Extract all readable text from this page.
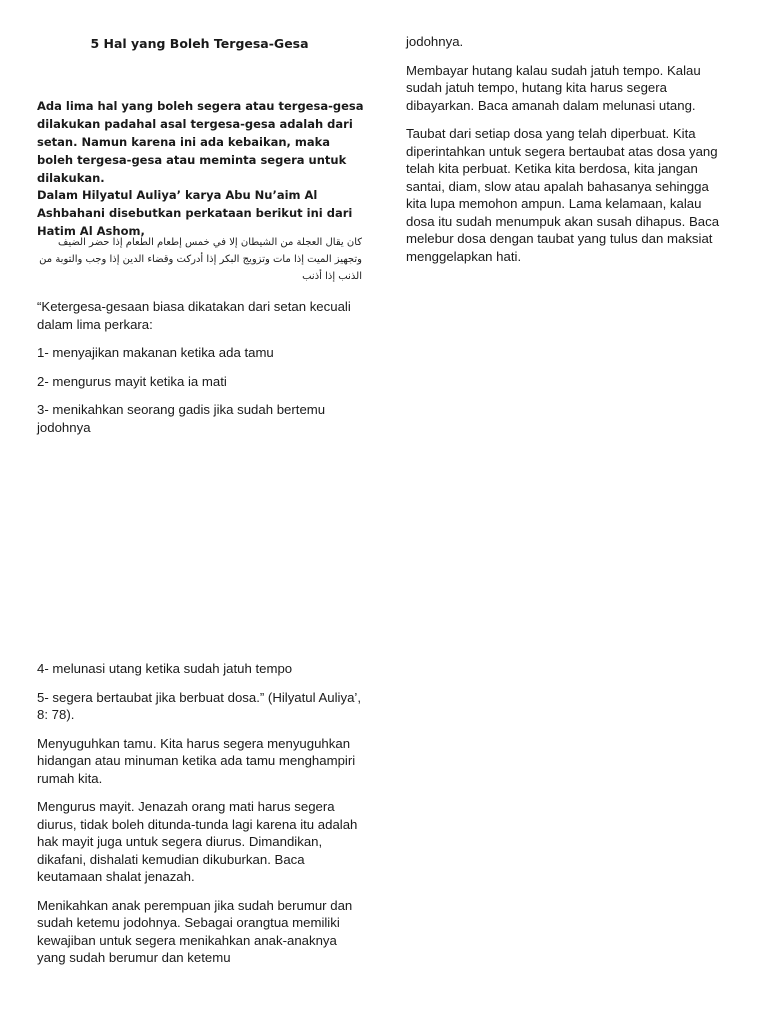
5 Hal yang Boleh Tergesa-Gesa

Ada lima hal yang boleh segera atau tergesa-gesa dilakukan padahal asal tergesa-gesa adalah dari setan. Namun karena ini ada kebaikan, maka boleh tergesa-gesa atau meminta segera untuk dilakukan.

Dalam Hilyatul Auliya’ karya Abu Nu’aim Al Ashbahani disebutkan perkataan berikut ini dari Hatim Al Ashom,

كان يقال العجلة من الشيطان إلا في خمس إطعام الطعام إذا حضر الضيف وتجهيز الميت إذا مات وتزويج البكر إذا أدركت وقضاء الدين إذا وجب والتوبة من الذنب إذا أذنب

“Ketergesa-gesaan biasa dikatakan dari setan kecuali dalam lima perkara:

1- menyajikan makanan ketika ada tamu

2- mengurus mayit ketika ia mati

3- menikahkan seorang gadis jika sudah bertemu jodohnya

4- melunasi utang ketika sudah jatuh tempo

5- segera bertaubat jika berbuat dosa.” (Hilyatul Auliya’, 8: 78).

Menyuguhkan tamu. Kita harus segera menyuguhkan hidangan atau minuman ketika ada tamu menghampiri rumah kita.

Mengurus mayit. Jenazah orang mati harus segera diurus, tidak boleh ditunda-tunda lagi karena itu adalah hak mayit juga untuk segera diurus. Dimandikan, dikafani, dishalati kemudian dikuburkan. Baca keutamaan shalat jenazah.

Menikahkan anak perempuan jika sudah berumur dan sudah ketemu jodohnya. Sebagai orangtua memiliki kewajiban untuk segera menikahkan anak-anaknya yang sudah berumur dan ketemu

jodohnya.

Membayar hutang kalau sudah jatuh tempo. Kalau sudah jatuh tempo, hutang kita harus segera dibayarkan. Baca amanah dalam melunasi utang.

Taubat dari setiap dosa yang telah diperbuat. Kita diperintahkan untuk segera bertaubat atas dosa yang telah kita perbuat. Ketika kita berdosa, kita jangan santai, diam, slow atau apalah bahasanya sehingga kita lupa memohon ampun. Lama kelamaan, kalau dosa itu sudah menumpuk akan susah dihapus. Baca melebur dosa dengan taubat yang tulus dan maksiat menggelapkan hati.
